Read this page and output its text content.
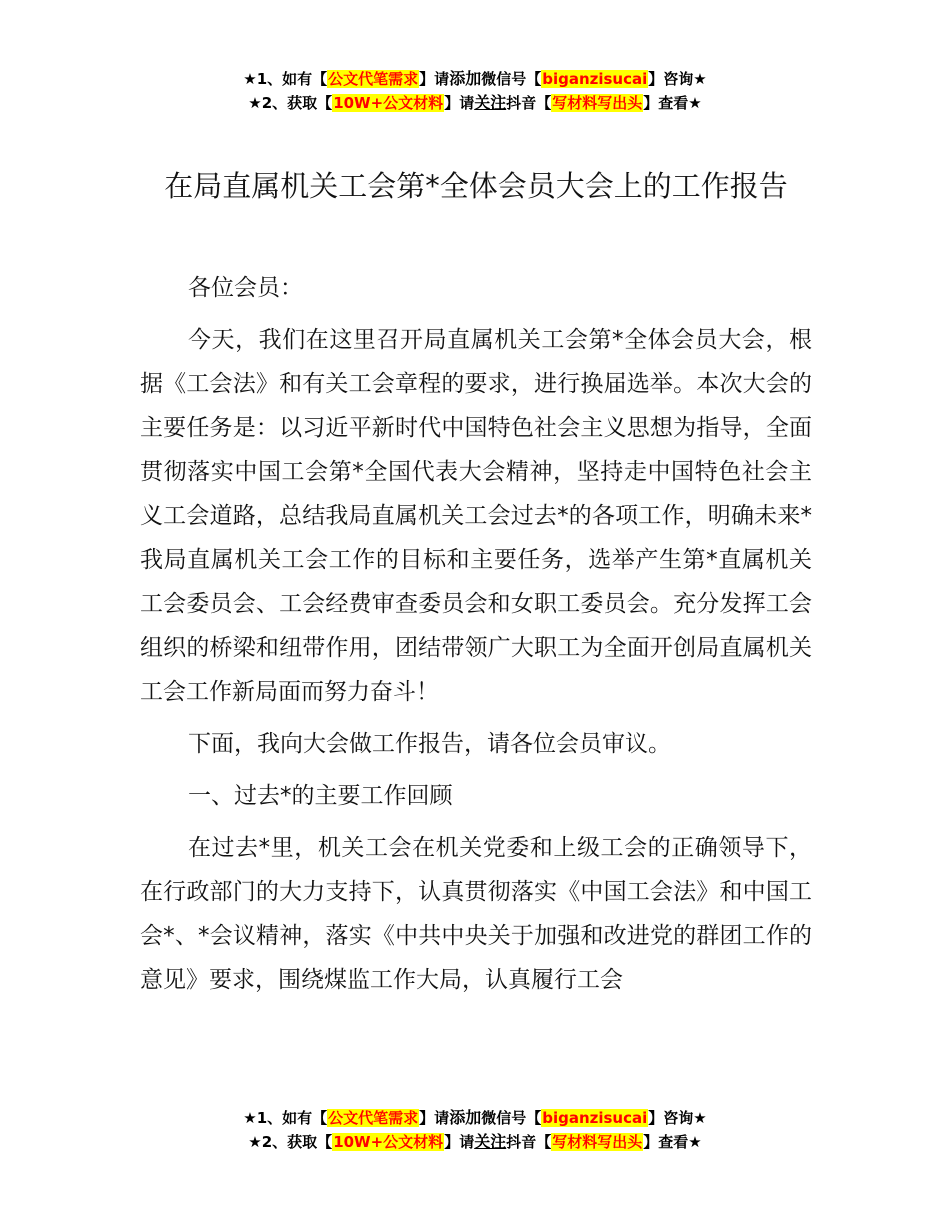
★1、如有【公文代笔需求】请添加微信号【biganzisucai】咨询★
★2、获取【10W+公文材料】请关注抖音【写材料写出头】查看★
在局直属机关工会第*全体会员大会上的工作报告

各位会员：

今天，我们在这里召开局直属机关工会第*全体会员大会，根据《工会法》和有关工会章程的要求，进行换届选举。本次大会的主要任务是：以习近平新时代中国特色社会主义思想为指导，全面贯彻落实中国工会第*全国代表大会精神，坚持走中国特色社会主义工会道路，总结我局直属机关工会过去*的各项工作，明确未来*我局直属机关工会工作的目标和主要任务，选举产生第*直属机关工会委员会、工会经费审查委员会和女职工委员会。充分发挥工会组织的桥梁和纽带作用，团结带领广大职工为全面开创局直属机关工会工作新局面而努力奋斗！

下面，我向大会做工作报告，请各位会员审议。

一、过去*的主要工作回顾

在过去*里，机关工会在机关党委和上级工会的正确领导下，在行政部门的大力支持下，认真贯彻落实《中国工会法》和中国工会*、*会议精神，落实《中共中央关于加强和改进党的群团工作的意见》要求，围绕煤监工作大局，认真履行工会

★1、如有【公文代笔需求】请添加微信号【biganzisucai】咨询★
★2、获取【10W+公文材料】请关注抖音【写材料写出头】查看★
